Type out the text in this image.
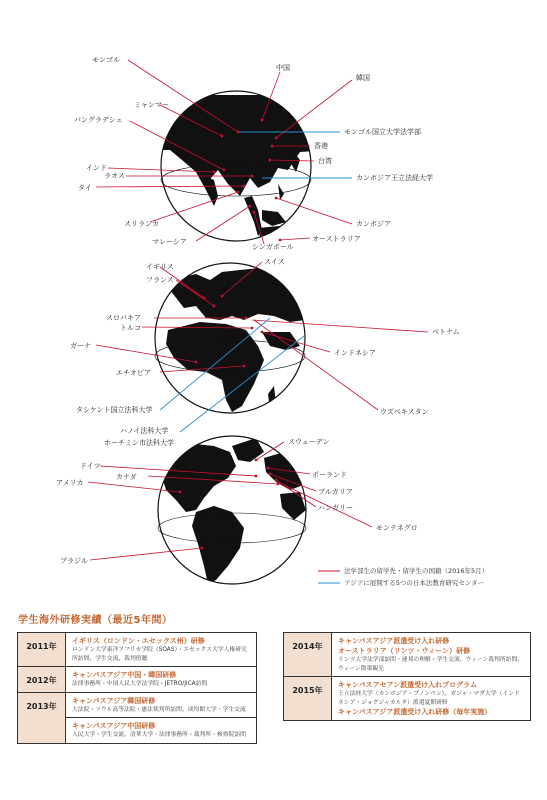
モンゴル
中国
韓国
ミャンマー
バングラデシュ
モンゴル国立大学法学部
香港
台湾
インド
ラオス	カンボジア王立法経大学
タイ
スリランカ	カンボジア
マレーシア
シンガポール
オーストラリア
イギリス
スイス
フランス
スロバキア
トルコ	ベトナム
ガーナ
インドネシア
エチオピア
タシケント国立法科大学	ウズベキスタン
ハノイ法科大学
ホーチミン市法科大学	スウェーデン
ドイツ
カナダ	ポーランド
アメリカ
ブルガリア
ハンガリー
モンテネグロ
ブラジル
法学部生の留学先・留学生の国籍（2016年5月）
アジアに展開する5つの日本法教育研究センター
学生海外研修実績（最近5年間）
2011年
イギリス（ロンドン・エセックス州）研修
ロンドン大学東洋アフリカ学院（SOAS）・エセックス大学人権研究所訪問、学生交流、裁判傍聴
2012年
キャンパスアジア中国・韓国研修
法律事務所・中国人民大学法学院・JETRO/JICA訪問
2013年
キャンパスアジア韓国研修
大法院・ソウル高等法院・憲法裁判所訪問、成均館大学・学生交流
キャンパスアジア中国研修
人民大学・学生交流、清華大学・法律事務所・裁判所・検察院訪問
2014年
キャンパスアジア派遣受け入れ研修
オーストラリア（リンツ・ウィーン）研修
リンツ大学法学部訪問・連邦の理解・学生交流、ウィーン裁判所訪問、ウィーン散策観光
2015年
キャンパスアセアン派遣受け入れプログラム
王立法経大学（カンボジア・プノンペン）、ガジャ・マダ大学（インドネシア・ジョグジャカルタ）派遣夏期研修
キャンパスアジア派遣受け入れ研修（毎年実施）
